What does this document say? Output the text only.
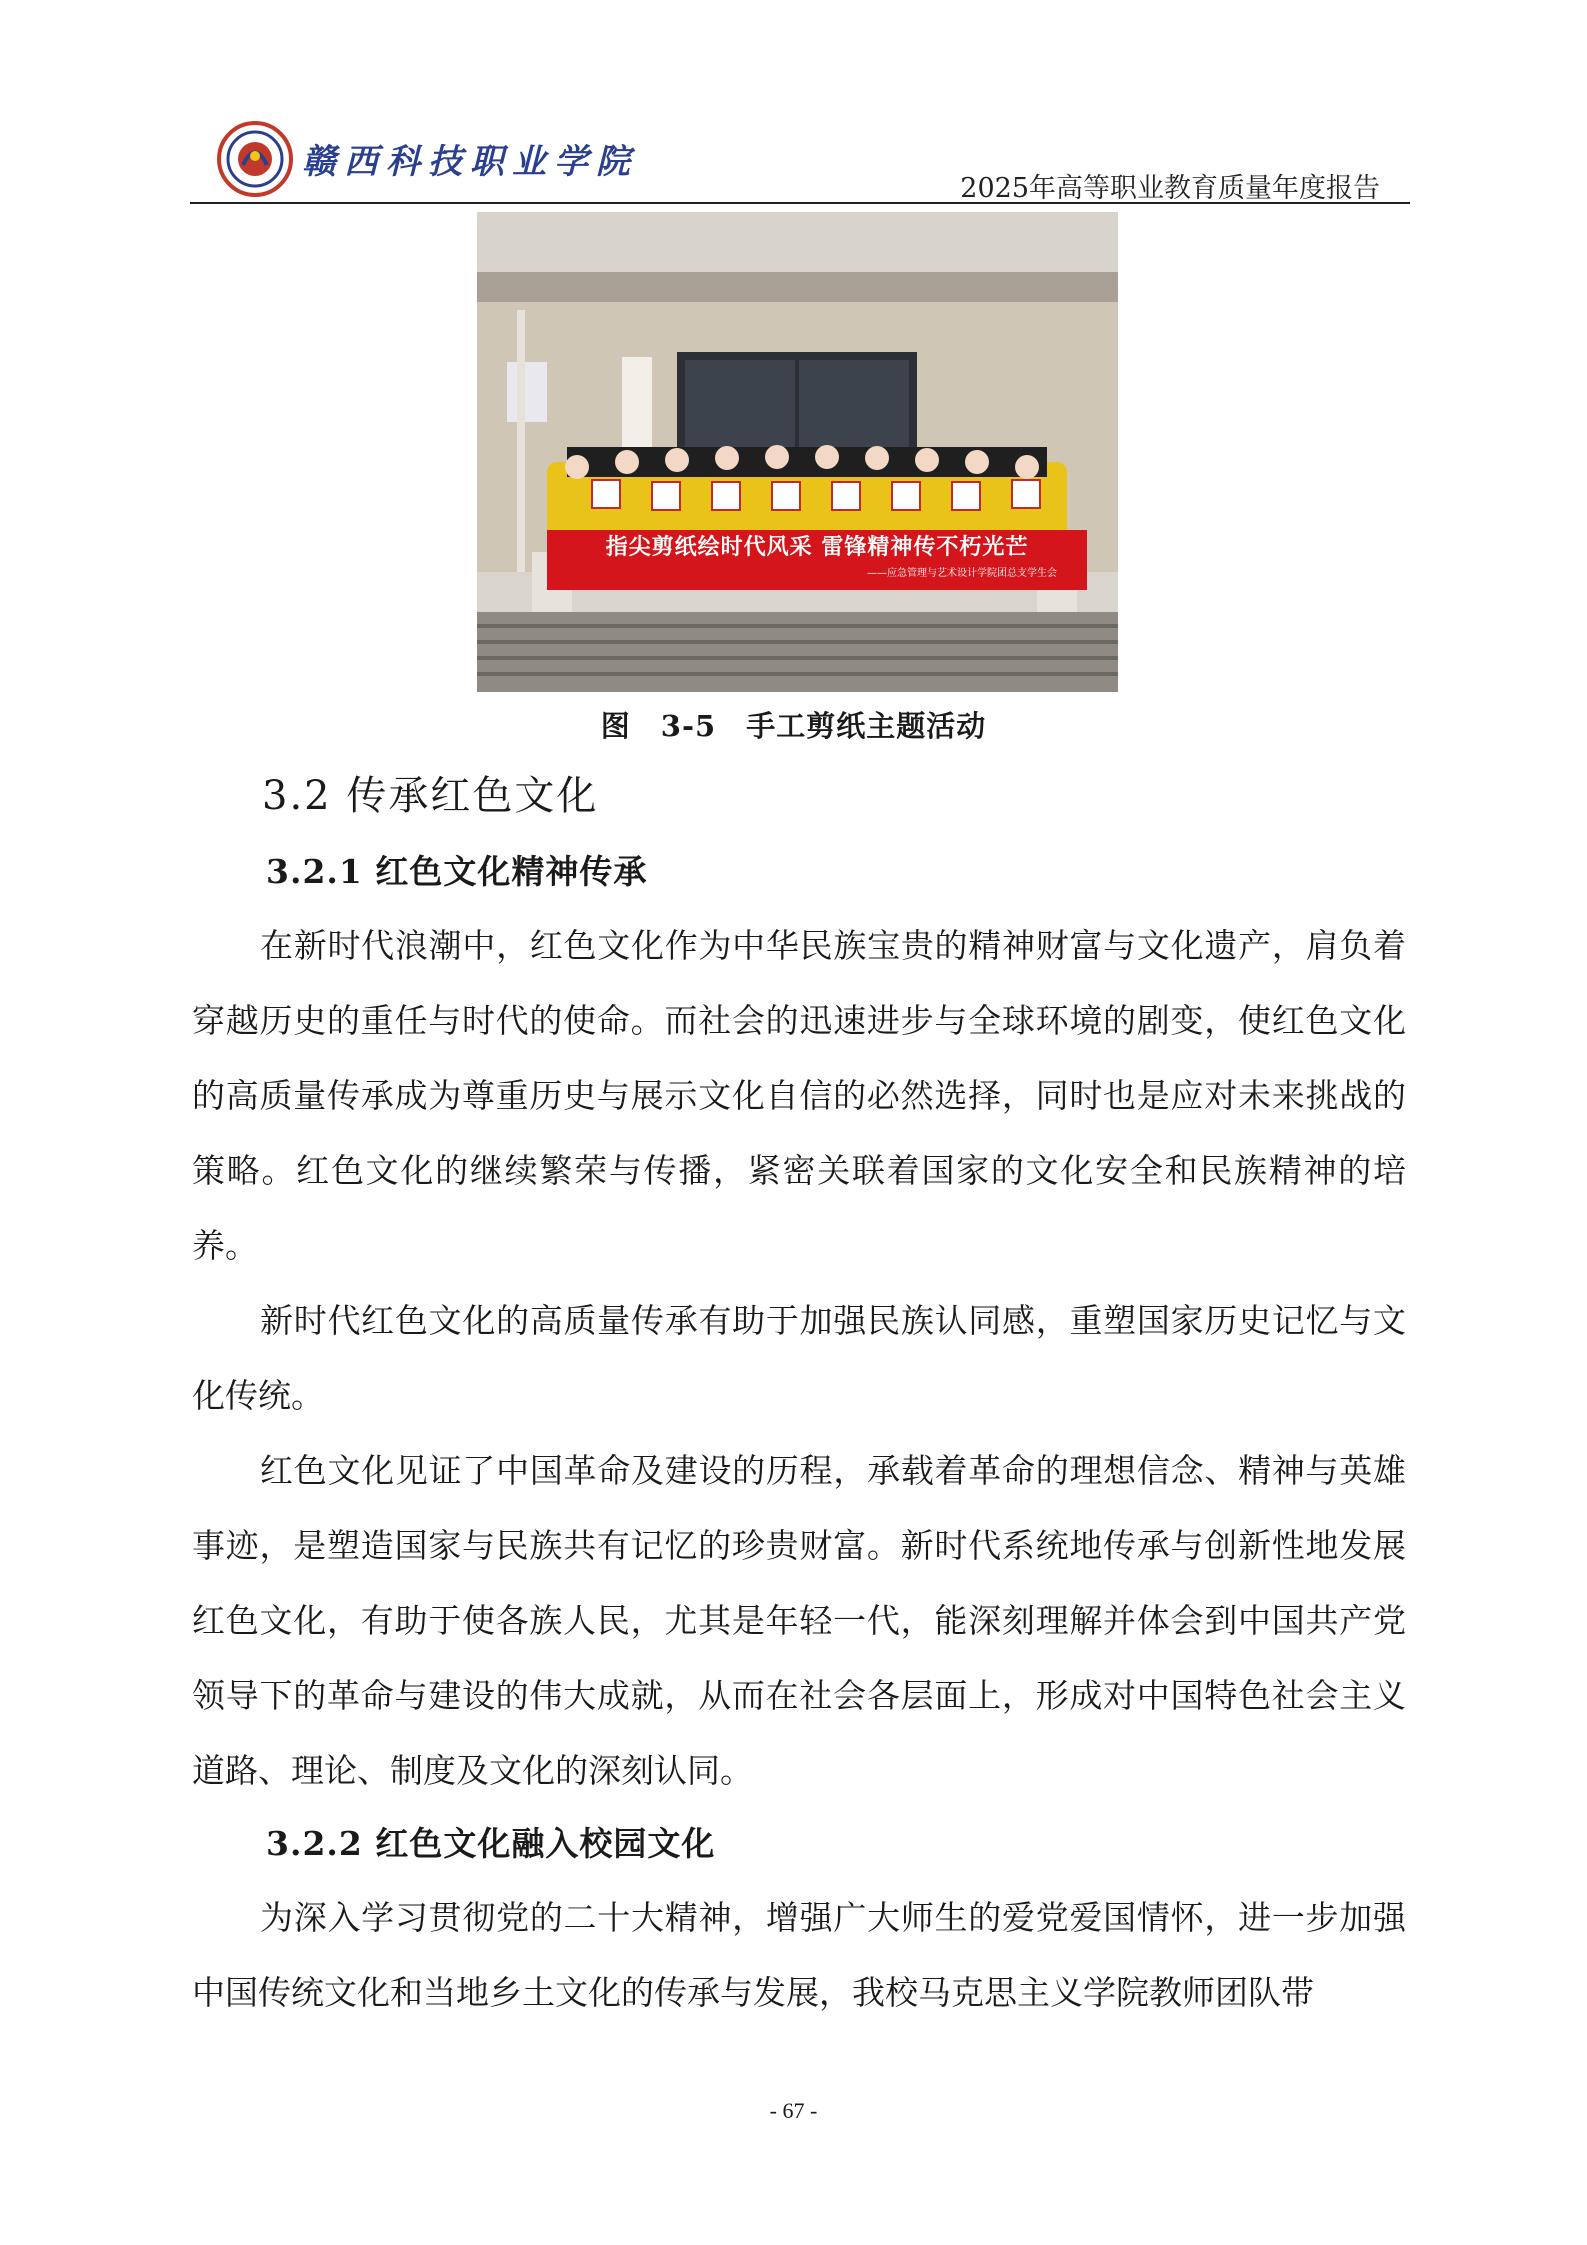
赣西科技职业学院
2025年高等职业教育质量年度报告
指尖剪纸绘时代风采 雷锋精神传不朽光芒
——应急管理与艺术设计学院团总支学生会
图　3-5　手工剪纸主题活动
3.2 传承红色文化
3.2.1 红色文化精神传承

在新时代浪潮中，红色文化作为中华民族宝贵的精神财富与文化遗产，肩负着穿越历史的重任与时代的使命。而社会的迅速进步与全球环境的剧变，使红色文化的高质量传承成为尊重历史与展示文化自信的必然选择，同时也是应对未来挑战的策略。红色文化的继续繁荣与传播，紧密关联着国家的文化安全和民族精神的培养。

新时代红色文化的高质量传承有助于加强民族认同感，重塑国家历史记忆与文化传统。

红色文化见证了中国革命及建设的历程，承载着革命的理想信念、精神与英雄事迹，是塑造国家与民族共有记忆的珍贵财富。新时代系统地传承与创新性地发展红色文化，有助于使各族人民，尤其是年轻一代，能深刻理解并体会到中国共产党领导下的革命与建设的伟大成就，从而在社会各层面上，形成对中国特色社会主义道路、理论、制度及文化的深刻认同。

3.2.2 红色文化融入校园文化

为深入学习贯彻党的二十大精神，增强广大师生的爱党爱国情怀，进一步加强中国传统文化和当地乡土文化的传承与发展，我校马克思主义学院教师团队带

- 67 -
